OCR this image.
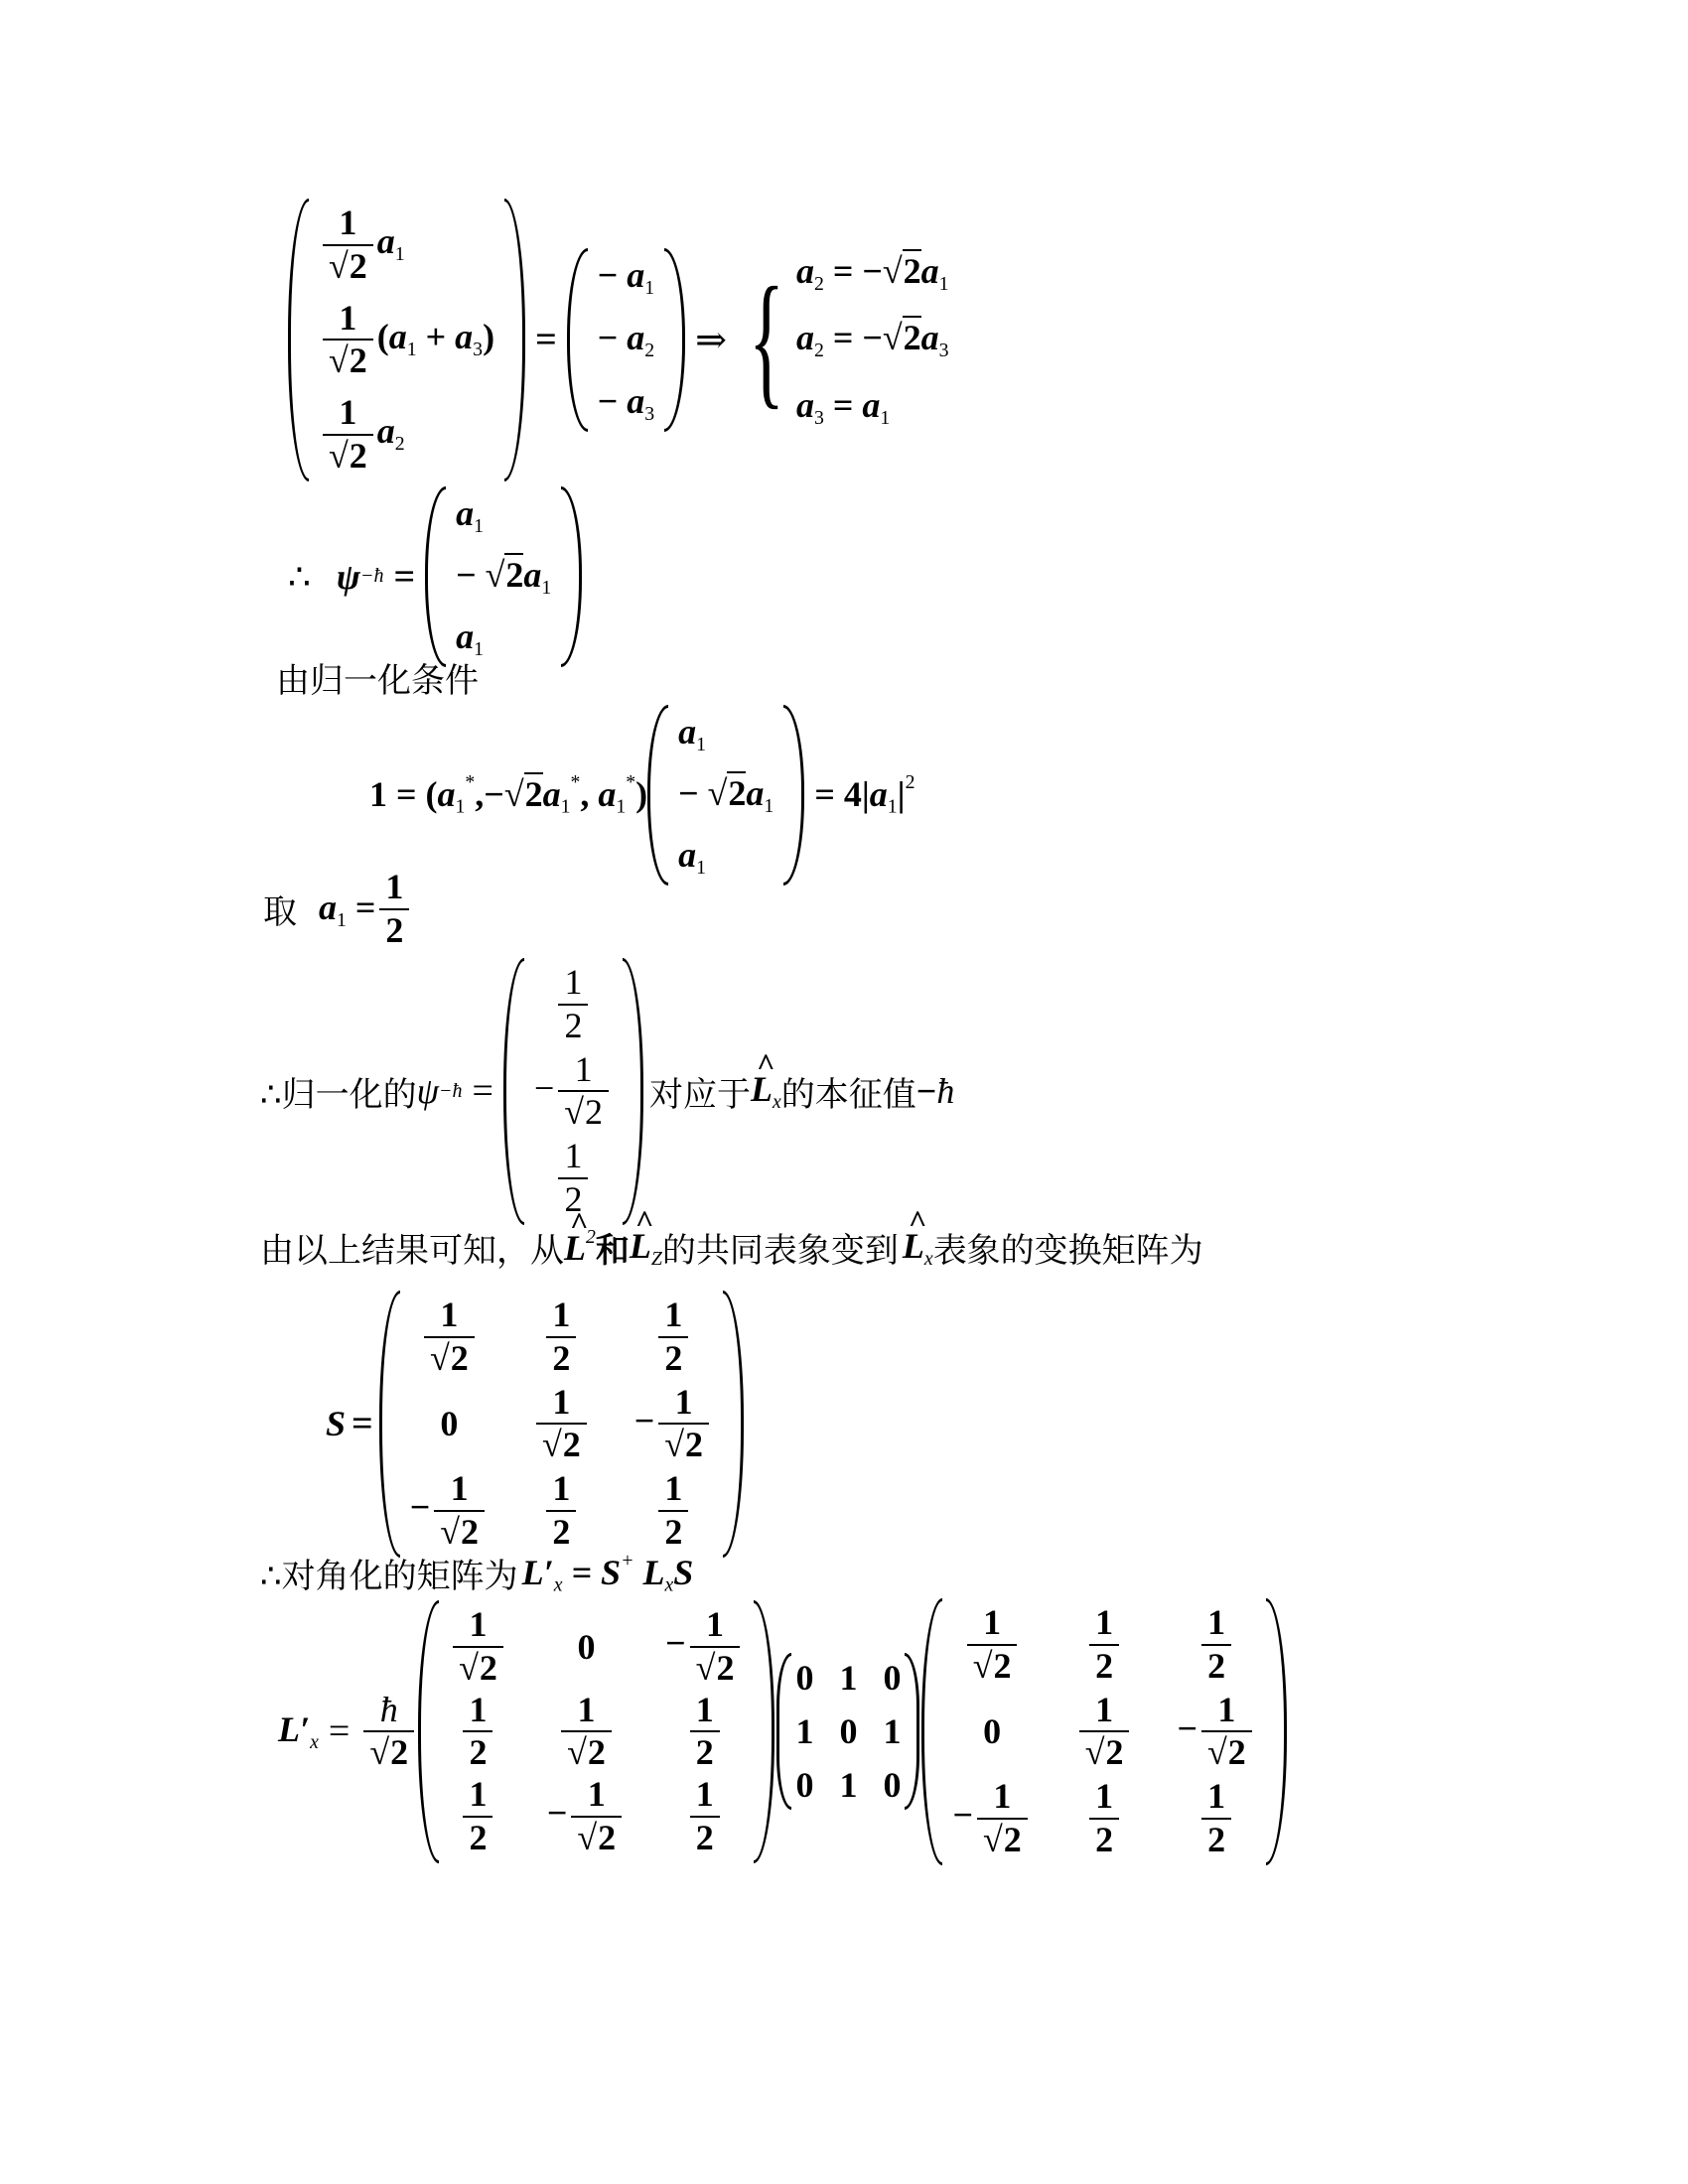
$\frac{1}{√2} a_1$
$\frac{1}{√2} (a_1 + a_3)$
$\frac{1}{√2} a_2$
=
− $a_1$
− $a_2$
− $a_3$
⇒ { $a_2 = -√2a_1$
$a_2 = -√2a_3$
$a_3 = a_1$
∴ ψ −ħ =
$a_1$
− $√2a_1$
$a_1$
由归一化条件
$1 = (a_1^*,-√2a_1^*$, $a_1^*$)
$a_1$
− $√2a_1$
$a_1$
= $4|a_1|^2$
取 $a_1 = \frac{1}{2}$
∴归一化的 ψ −ħ =
$\frac{1}{2}$
− $\frac{1}{√2}$
$\frac{1}{2}$
对应于 ^ $L_x$ 的本征值 − ħ
由以上结果可知，从 ^ $L^2$ 和 ^ $L_Z$ 的共同表象变到 ^ $L_x$ 表象的变换矩阵为
S =
$\frac{1}{√2} \frac{1}{2} \frac{1}{2}$
$0 \frac{1}{√2} - \frac{1}{√2}$
− $\frac{1}{√2} \frac{1}{2} \frac{1}{2}$
∴对角化的矩阵为 $L'_x = S^+$ $L_xS$
$L'_x = \frac{ħ}{√2}$
$\frac{1}{√2} 0 - \frac{1}{√2}$
$\frac{1}{2} \frac{1}{√2} \frac{1}{2}$
$\frac{1}{2} - \frac{1}{√2} \frac{1}{2}$
0 1 0
1 0 1
0 1 0
$\frac{1}{√2} \frac{1}{2} \frac{1}{2}$
$0 \frac{1}{√2} - \frac{1}{√2}$
− $\frac{1}{√2} \frac{1}{2} \frac{1}{2}$
